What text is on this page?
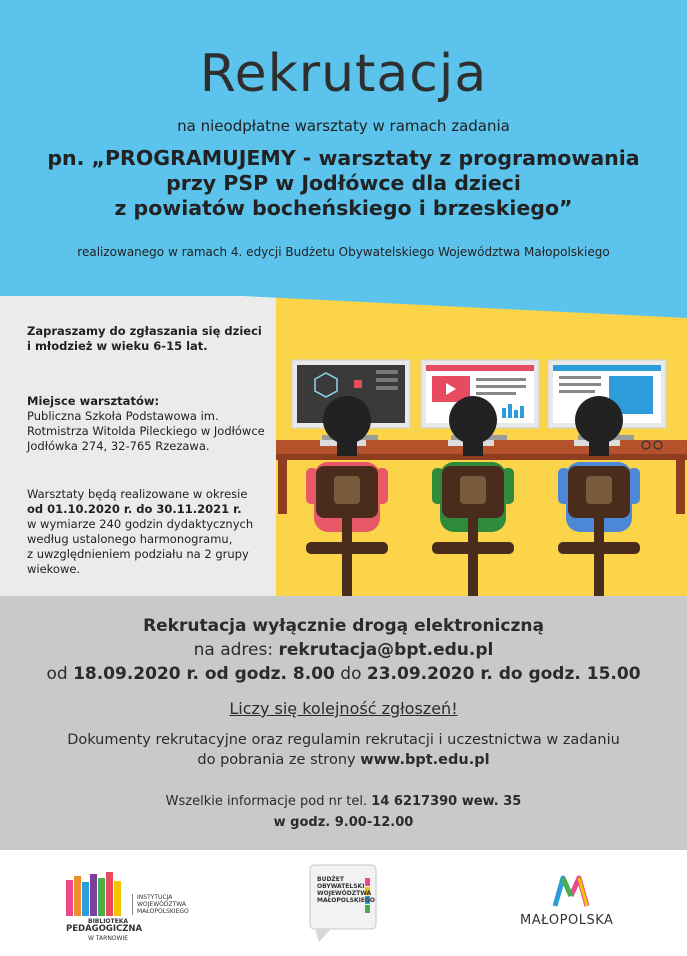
Rekrutacja
na nieodpłatne warsztaty w ramach zadania
pn. „PROGRAMUJEMY - warsztaty z programowania
przy PSP w Jodłówce dla dzieci
z powiatów bocheńskiego i brzeskiego”
realizowanego w ramach 4. edycji Budżetu Obywatelskiego Województwa Małopolskiego

Zapraszamy do zgłaszania się dzieci
i młodzież w wieku 6-15 lat.

Miejsce warsztatów:
Publiczna Szkoła Podstawowa im.
Rotmistrza Witolda Pileckiego w Jodłówce
Jodłówka 274, 32-765 Rzezawa.

Warsztaty będą realizowane w okresie
od 01.10.2020 r. do 30.11.2021 r.
w wymiarze 240 godzin dydaktycznych
według ustalonego harmonogramu,
z uwzględnieniem podziału na 2 grupy
wiekowe.

Rekrutacja wyłącznie drogą elektroniczną
na adres: rekrutacja@bpt.edu.pl
od 18.09.2020 r. od godz. 8.00 do 23.09.2020 r. do godz. 15.00
Liczy się kolejność zgłoszeń!
Dokumenty rekrutacyjne oraz regulamin rekrutacji i uczestnictwa w zadaniu
do pobrania ze strony www.bpt.edu.pl
Wszelkie informacje pod nr tel. 14 6217390 wew. 35
w godz. 9.00-12.00
BIBLIOTEKA
PEDAGOGICZNA
W TARNOWIE
INSTYTUCJA
WOJEWÓDZTWA
MAŁOPOLSKIEGO
BUDŻET
OBYWATELSKI
WOJEWÓDZTWA
MAŁOPOLSKIEGO
MAŁOPOLSKA
